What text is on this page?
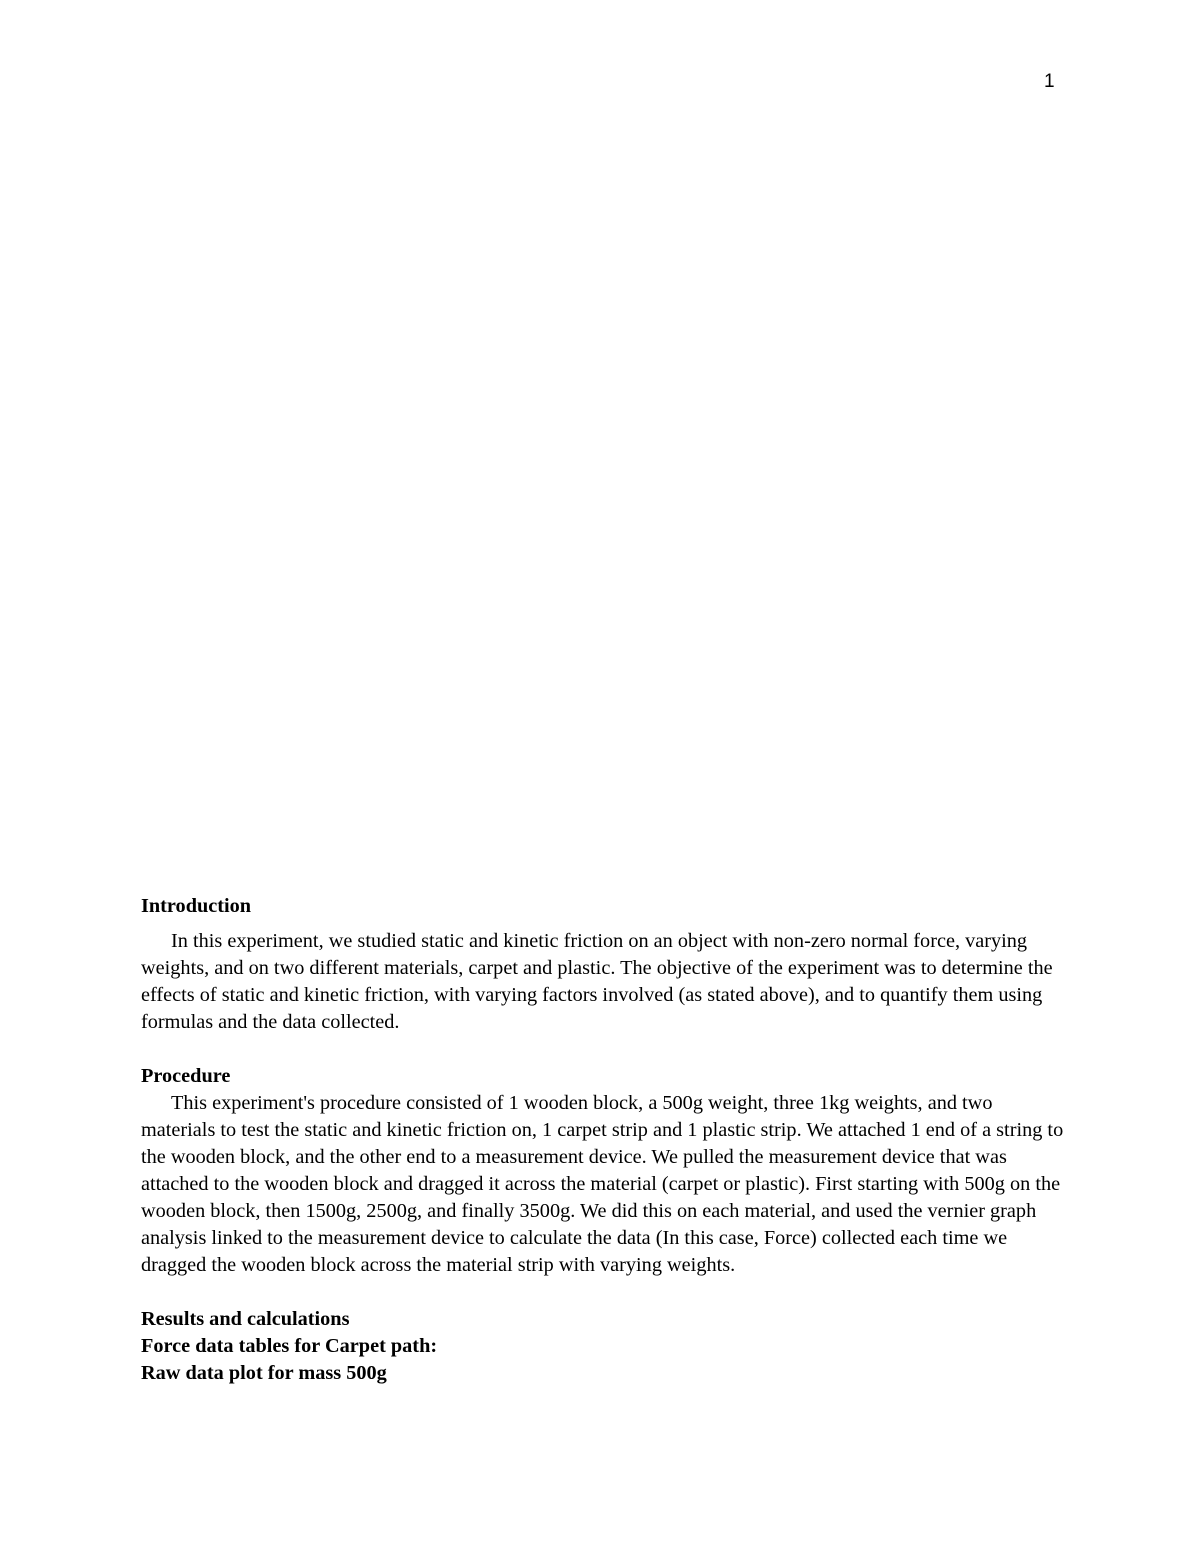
1

Introduction

In this experiment, we studied static and kinetic friction on an object with non-zero normal force, varying weights, and on two different materials, carpet and plastic. The objective of the experiment was to determine the effects of static and kinetic friction, with varying factors involved (as stated above), and to quantify them using formulas and the data collected.

Procedure

This experiment's procedure consisted of 1 wooden block, a 500g weight, three 1kg weights, and two materials to test the static and kinetic friction on, 1 carpet strip and 1 plastic strip. We attached 1 end of a string to the wooden block, and the other end to a measurement device. We pulled the measurement device that was attached to the wooden block and dragged it across the material (carpet or plastic). First starting with 500g on the wooden block, then 1500g, 2500g, and finally 3500g. We did this on each material, and used the vernier graph analysis linked to the measurement device to calculate the data (In this case, Force) collected each time we dragged the wooden block across the material strip with varying weights.

Results and calculations

Force data tables for Carpet path:

Raw data plot for mass 500g
